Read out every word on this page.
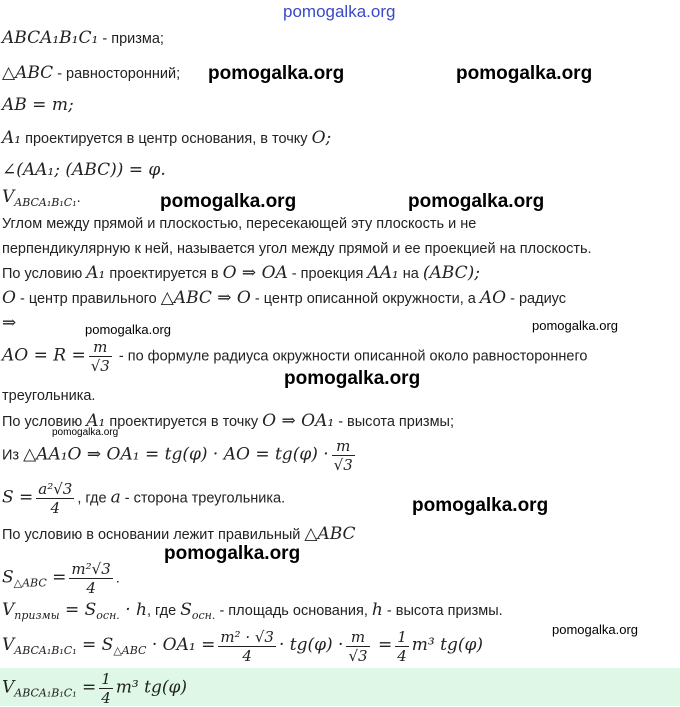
ABCA₁B₁C₁ - призма;
△ABC - равносторонний;
AB = m;
A₁ проектируется в центр основания, в точку O;
∠(AA₁; (ABC)) = φ.
$V_{ABCA_1B_1C_1}$.
Углом между прямой и плоскостью, пересекающей эту плоскость и не
перпендикулярную к ней, называется угол между прямой и ее проекцией на плоскость.
По условию A₁ проектируется в O ⇒ OA - проекция AA₁ на (ABC);
O - центр правильного △ABC ⇒ O - центр описанной окружности, а AO - радиус
⇒
AO = $R = \frac{m}{√3}$ - по формуле радиуса окружности описанной около равностороннего
треугольника.
По условию A₁ проектируется в точку O ⇒ OA₁ - высота призмы;
Из △AA₁O ⇒ OA₁ = tg(φ) · AO = $tg(\varphi) \cdot \frac{m}{√3}$
$S = \frac{\text{a²√3}}{4}$ , где a - сторона треугольника.
По условию в основании лежит правильный △ABC
$S_{\triangle ABC} = \frac{\text{m²√3}}{4}$ .
$V_{призмы} = S_{осн.} \cdot h$, где $S_{осн.}$ - площадь основания, h - высота призмы.
$V_{ABCA_1B_1C_1} = S_{\triangle ABC} \cdot OA_1 = \frac{\text{m² · √3}}{4} \cdot tg(\varphi) \cdot \frac{m}{√3} = \frac{1}{4} m^3$ tg(φ)
$V_{ABCA_1B_1C_1} = \frac{1}{4} m^3$ tg(φ)
pomogalka.org
pomogalka.org	pomogalka.org
pomogalka.org	pomogalka.org
pomogalka.org	pomogalka.org
pomogalka.org
pomogalka.org
pomogalka.org
pomogalka.org
pomogalka.org
